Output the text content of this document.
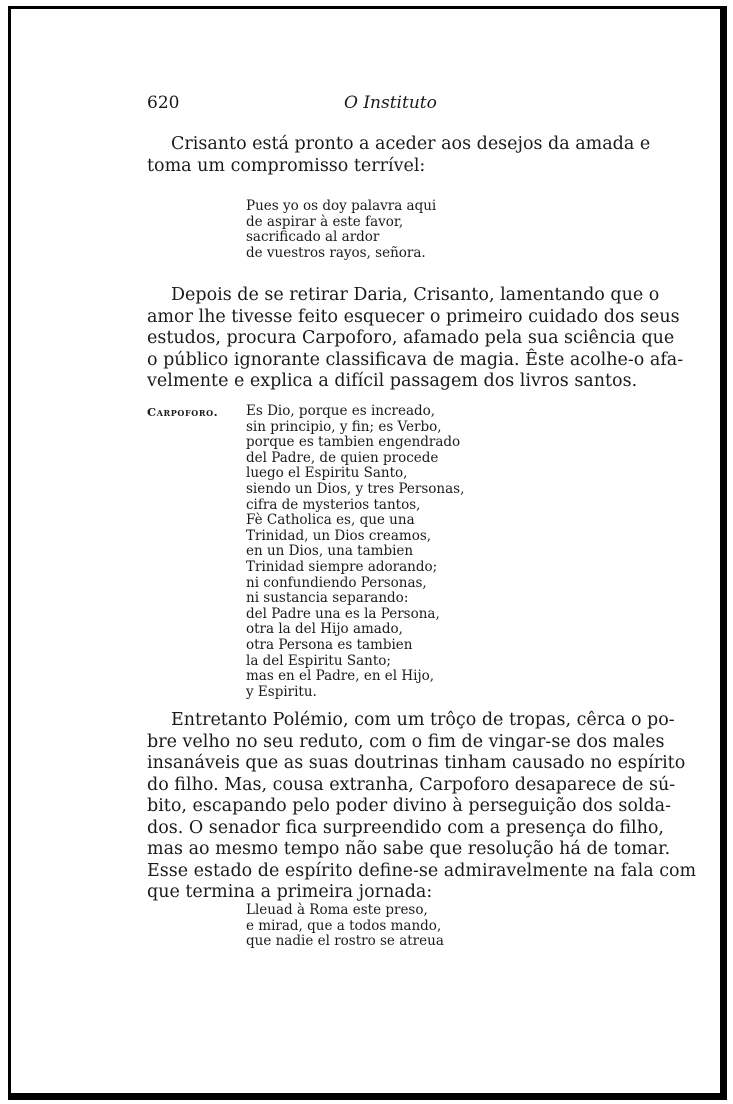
620	O Instituto
Crisanto está pronto a aceder aos desejos da amada e
toma um compromisso terrível:
Pues yo os doy palavra aqui
de aspirar à este favor,
sacrificado al ardor
de vuestros rayos, señora.
Depois de se retirar Daria, Crisanto, lamentando que o
amor lhe tivesse feito esquecer o primeiro cuidado dos seus
estudos, procura Carpoforo, afamado pela sua sciência que
o público ignorante classificava de magia. Êste acolhe-o afa-
velmente e explica a difícil passagem dos livros santos.
Carpoforo. Es Dio, porque es increado,
sin principio, y fin; es Verbo,
porque es tambien engendrado
del Padre, de quien procede
luego el Espiritu Santo,
siendo un Dios, y tres Personas,
cifra de mysterios tantos,
Fè Catholica es, que una
Trinidad, un Dios creamos,
en un Dios, una tambien
Trinidad siempre adorando;
ni confundiendo Personas,
ni sustancia separando:
del Padre una es la Persona,
otra la del Hijo amado,
otra Persona es tambien
la del Espiritu Santo;
mas en el Padre, en el Hijo,
y Espiritu.
Entretanto Polémio, com um trôço de tropas, cêrca o po-
bre velho no seu reduto, com o fim de vingar-se dos males
insanáveis que as suas doutrinas tinham causado no espírito
do filho. Mas, cousa extranha, Carpoforo desaparece de sú-
bito, escapando pelo poder divino à perseguição dos solda-
dos. O senador fica surpreendido com a presença do filho,
mas ao mesmo tempo não sabe que resolução há de tomar.
Esse estado de espírito define-se admiravelmente na fala com
que termina a primeira jornada:
Lleuad à Roma este preso,
e mirad, que a todos mando,
que nadie el rostro se atreua
